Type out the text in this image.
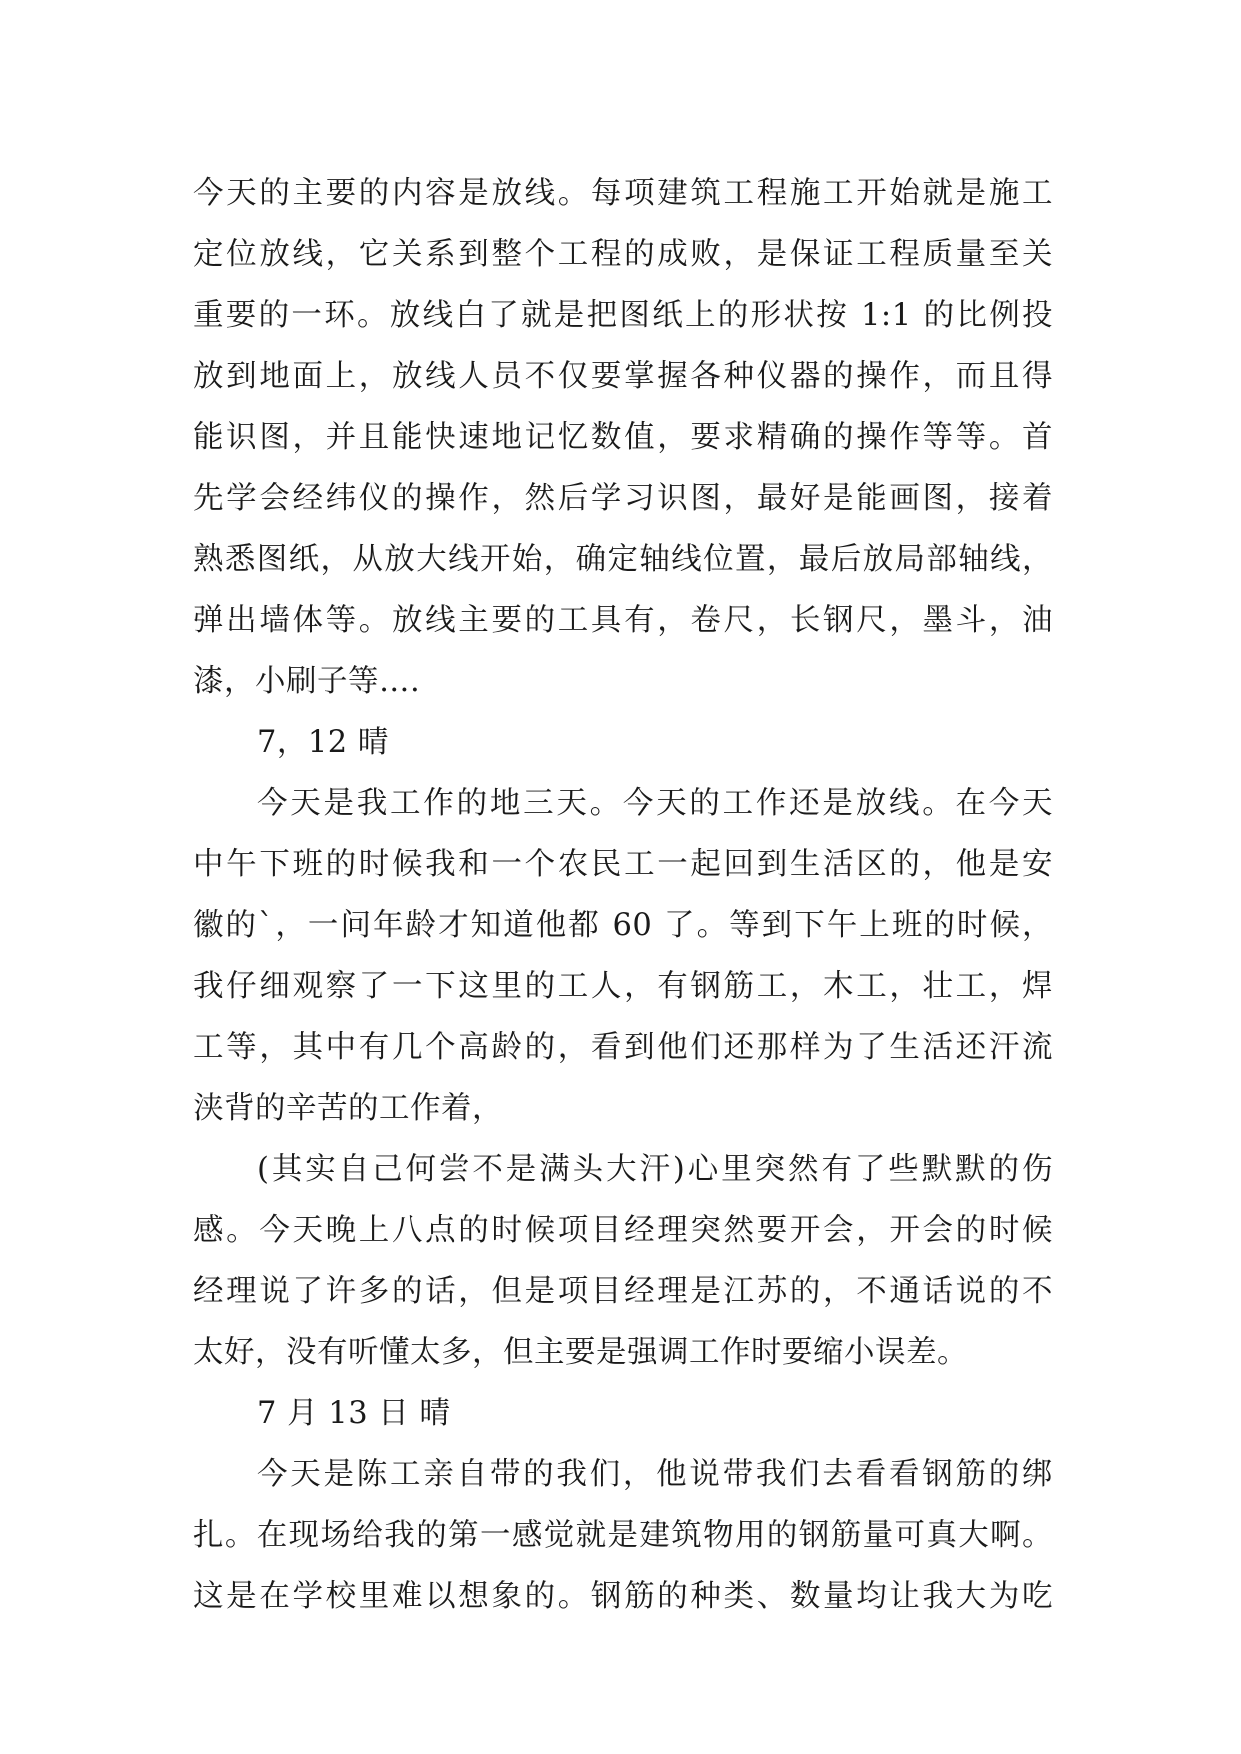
今天的主要的内容是放线。每项建筑工程施工开始就是施工
定位放线，它关系到整个工程的成败，是保证工程质量至关
重要的一环。放线白了就是把图纸上的形状按 1:1 的比例投
放到地面上，放线人员不仅要掌握各种仪器的操作，而且得
能识图，并且能快速地记忆数值，要求精确的操作等等。首
先学会经纬仪的操作，然后学习识图，最好是能画图，接着
熟悉图纸，从放大线开始，确定轴线位置，最后放局部轴线，
弹出墙体等。放线主要的工具有，卷尺，长钢尺，墨斗，油
漆，小刷子等….
7，12 晴
今天是我工作的地三天。今天的工作还是放线。在今天
中午下班的时候我和一个农民工一起回到生活区的，他是安
徽的`，一问年龄才知道他都 60 了。等到下午上班的时候，
我仔细观察了一下这里的工人，有钢筋工，木工，壮工，焊
工等，其中有几个高龄的，看到他们还那样为了生活还汗流
浃背的辛苦的工作着，
(其实自己何尝不是满头大汗)心里突然有了些默默的伤
感。今天晚上八点的时候项目经理突然要开会，开会的时候
经理说了许多的话，但是项目经理是江苏的，不通话说的不
太好，没有听懂太多，但主要是强调工作时要缩小误差。
7 月 13 日 晴
今天是陈工亲自带的我们，他说带我们去看看钢筋的绑
扎。在现场给我的第一感觉就是建筑物用的钢筋量可真大啊。
这是在学校里难以想象的。钢筋的种类、数量均让我大为吃
